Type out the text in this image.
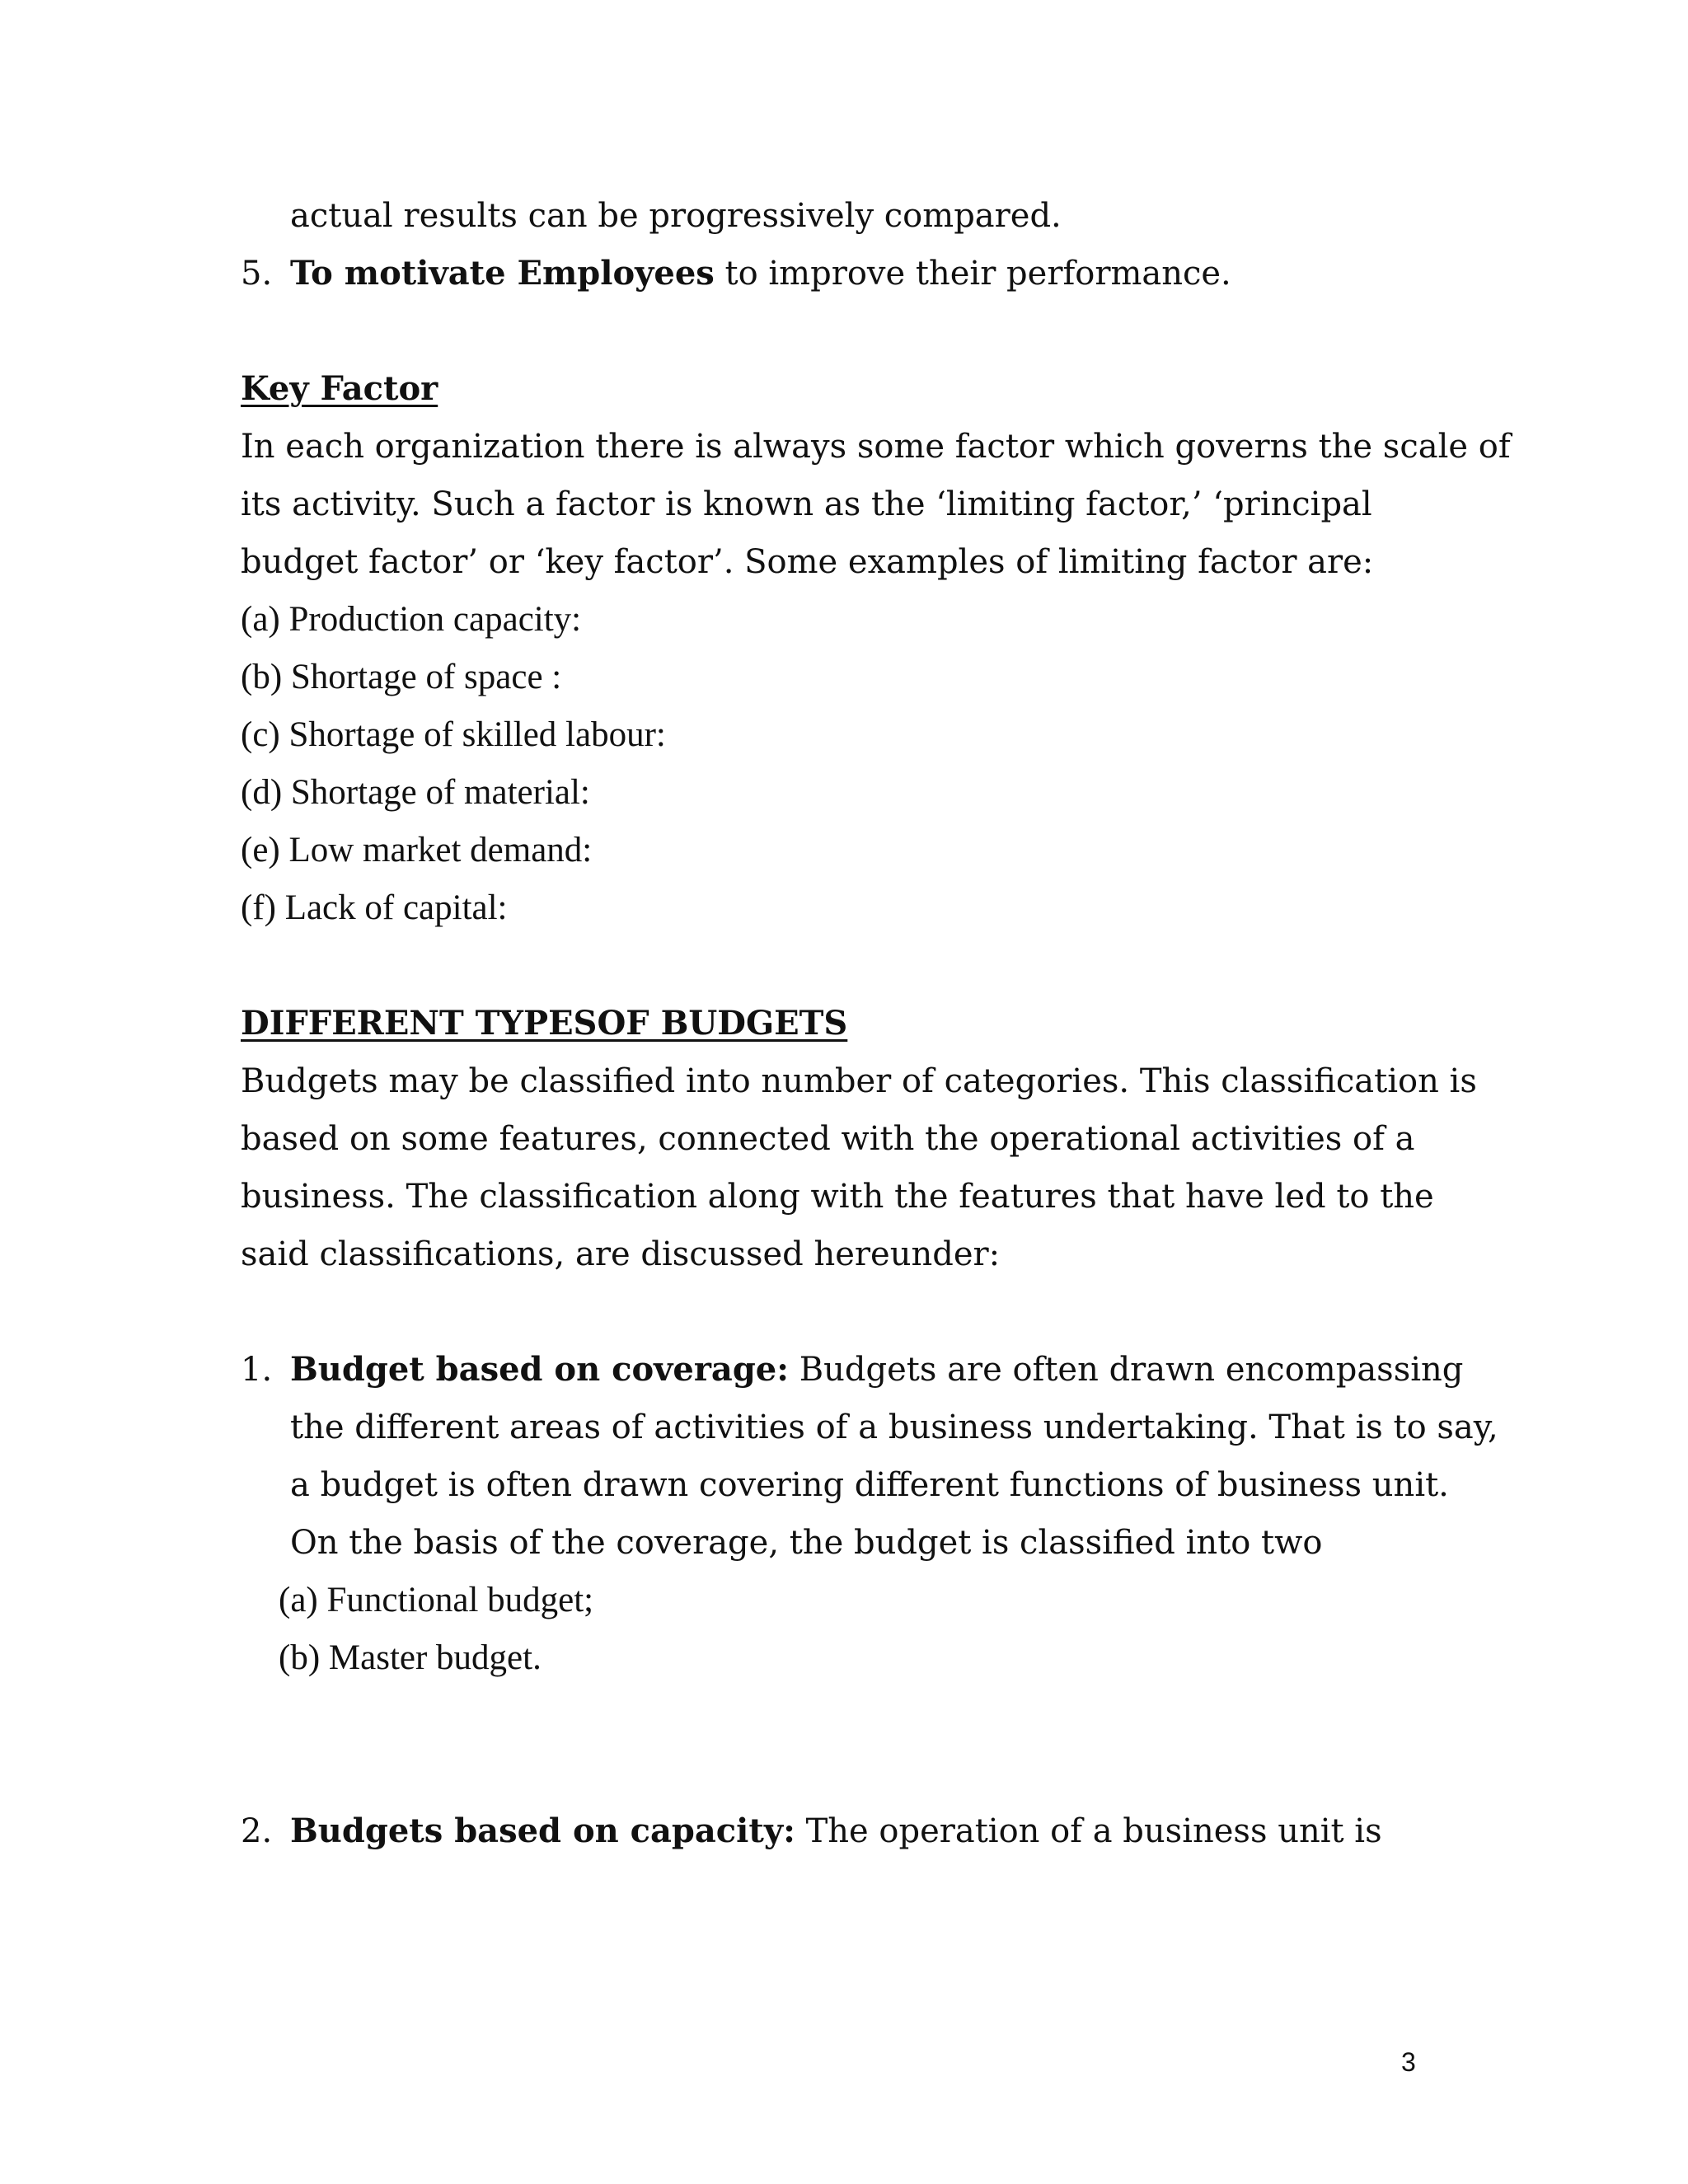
actual results can be progressively compared.
5. To motivate Employees to improve their performance.
Key Factor
In each organization there is always some factor which governs the scale of
its activity. Such a factor is known as the ‘limiting factor,’ ‘principal
budget factor’ or ‘key factor’. Some examples of limiting factor are:
(a) Production capacity:
(b) Shortage of space :
(c) Shortage of skilled labour:
(d) Shortage of material:
(e) Low market demand:
(f) Lack of capital:
DIFFERENT TYPESOF BUDGETS
Budgets may be classified into number of categories. This classification is
based on some features, connected with the operational activities of a
business. The classification along with the features that have led to the
said classifications, are discussed hereunder:
1. Budget based on coverage: Budgets are often drawn encompassing
the different areas of activities of a business undertaking. That is to say,
a budget is often drawn covering different functions of business unit.
On the basis of the coverage, the budget is classified into two
(a) Functional budget;
(b) Master budget.
2. Budgets based on capacity: The operation of a business unit is
3
